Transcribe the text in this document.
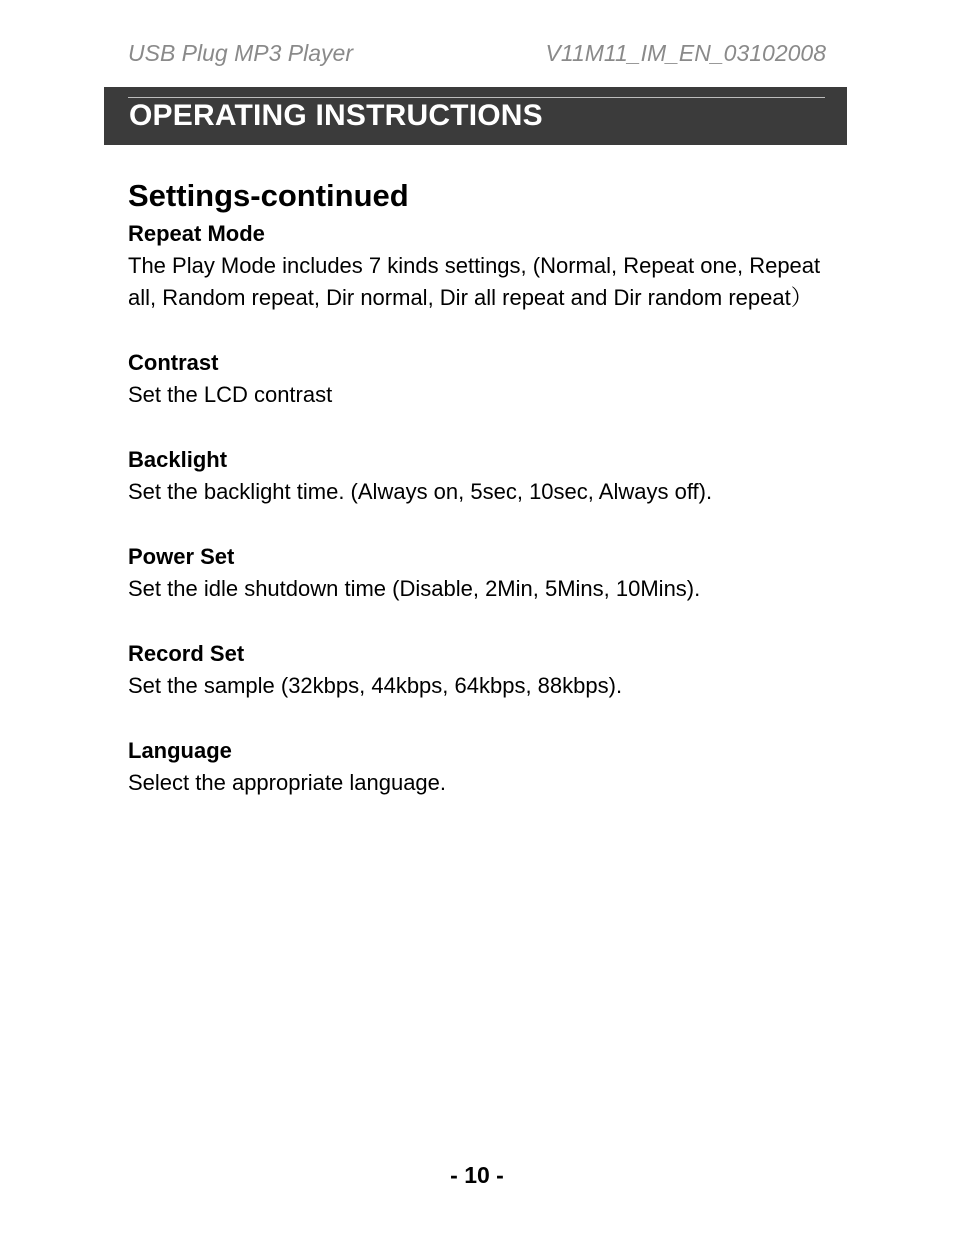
USB Plug MP3 Player	V11M11_IM_EN_03102008
OPERATING INSTRUCTIONS
Settings-continued
Repeat Mode

The Play Mode includes 7 kinds settings, (Normal, Repeat one, Repeat all, Random repeat, Dir normal, Dir all repeat and Dir random repeat）

Contrast

Set the LCD contrast

Backlight

Set the backlight time. (Always on, 5sec, 10sec, Always off).

Power Set

Set the idle shutdown time (Disable, 2Min, 5Mins, 10Mins).

Record Set

Set the sample (32kbps, 44kbps, 64kbps, 88kbps).

Language

Select the appropriate language.

- 10 -
